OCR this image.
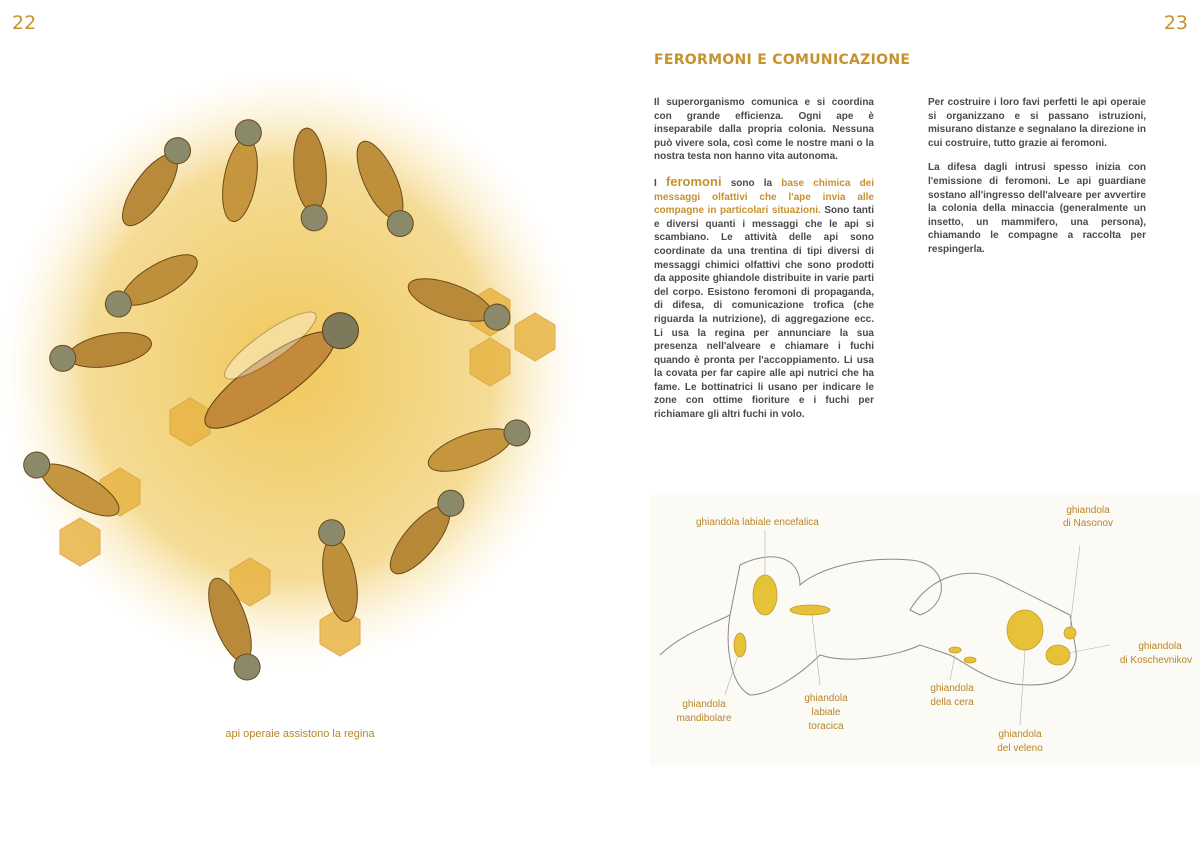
22	23
api operaie assistono la regina
FERORMONI E COMUNICAZIONE

Il superorganismo comunica e si coordina con grande efficienza. Ogni ape è inseparabile dalla propria colonia. Nessuna può vivere sola, così come le nostre mani o la nostra testa non hanno vita autonoma.

I feromoni sono la base chimica dei messaggi olfattivi che l'ape invia alle compagne in particolari situazioni. Sono tanti e diversi quanti i messaggi che le api si scambiano. Le attività delle api sono coordinate da una trentina di tipi diversi di messaggi chimici olfattivi che sono prodotti da apposite ghiandole distribuite in varie parti del corpo. Esistono feromoni di propaganda, di difesa, di comunicazione trofica (che riguarda la nutrizione), di aggregazione ecc. Li usa la regina per annunciare la sua presenza nell'alveare e chiamare i fuchi quando è pronta per l'accoppiamento. Li usa la covata per far capire alle api nutrici che ha fame. Le bottinatrici li usano per indicare le zone con ottime fioriture e i fuchi per richiamare gli altri fuchi in volo.

Per costruire i loro favi perfetti le api operaie si organizzano e si passano istruzioni, misurano distanze e segnalano la direzione in cui costruire, tutto grazie ai feromoni.

La difesa dagli intrusi spesso inizia con l'emissione di feromoni. Le api guardiane sostano all'ingresso dell'alveare per avvertire la colonia della minaccia (generalmente un insetto, un mammifero, una persona), chiamando le compagne a raccolta per respingerla.

ghiandola labiale encefalica
ghiandola
di Nasonov
ghiandola
di Koschevnikov
ghiandola
mandibolare
ghiandola
labiale
toracica
ghiandola
della cera
ghiandola
del veleno
